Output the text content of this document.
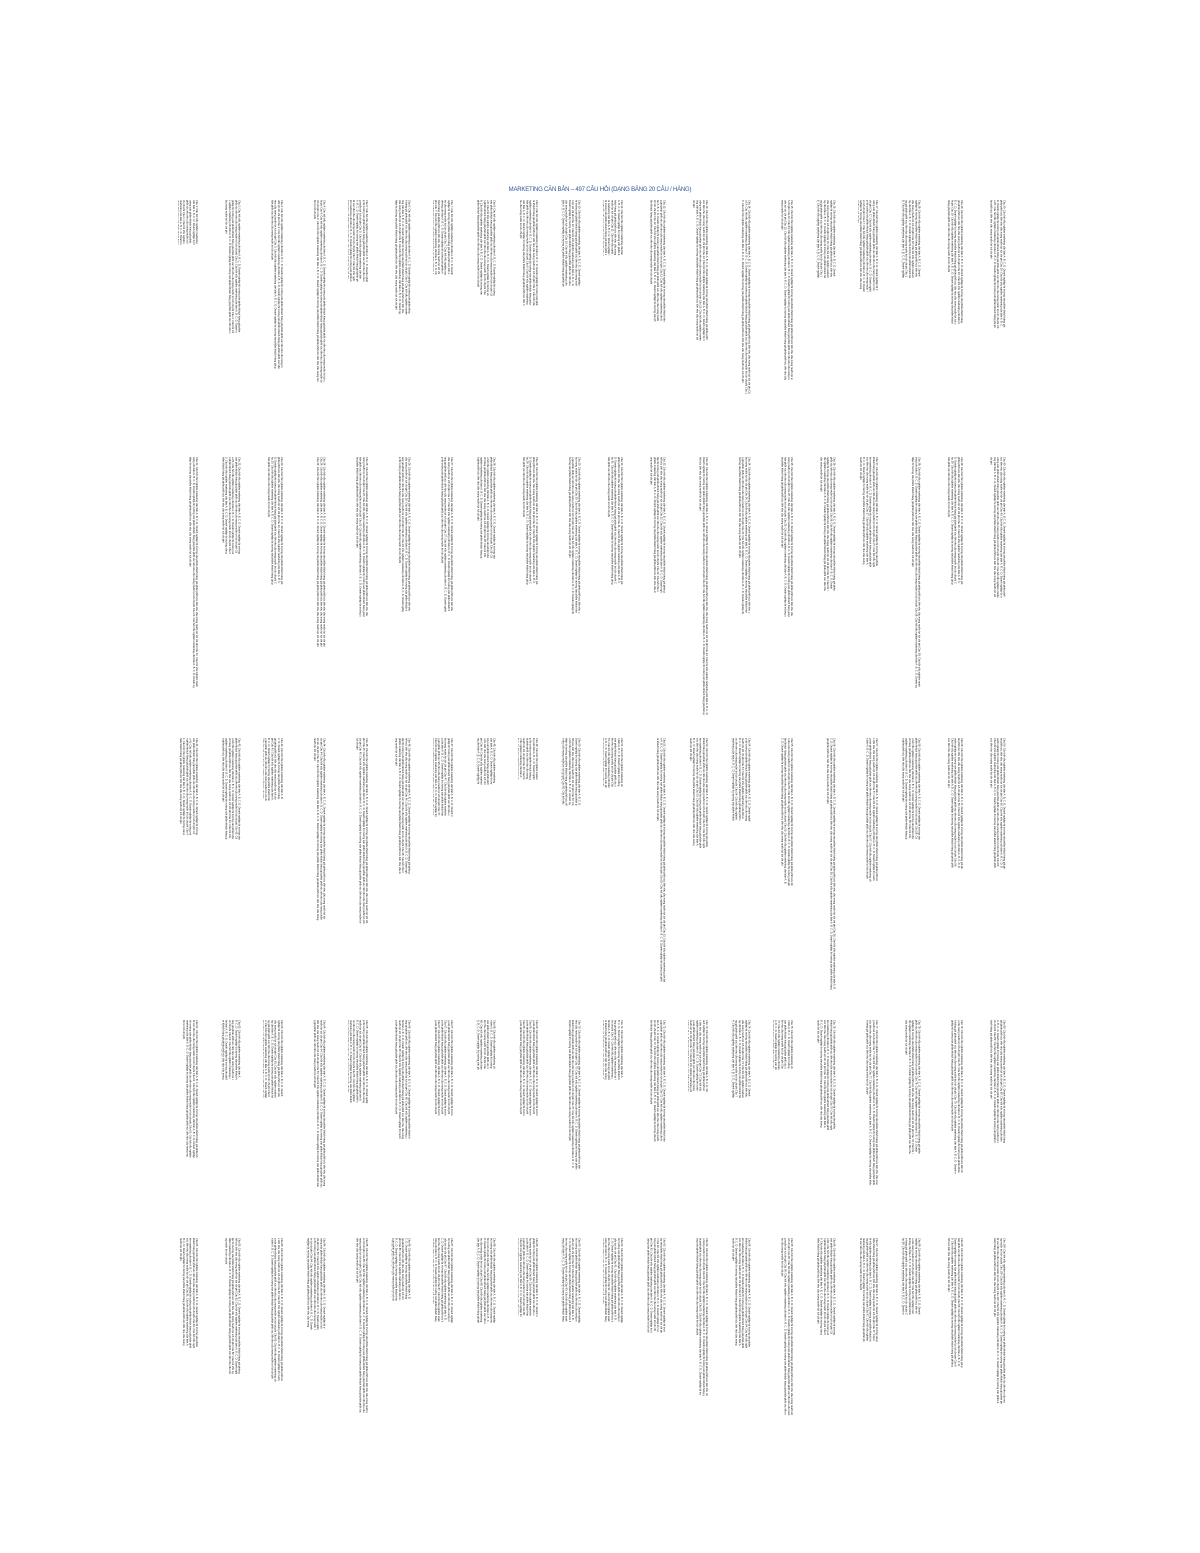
MARKETING CĂN BẢN – 497 CÂU HỎI (DẠNG BẢNG 20 CÂU / HÀNG)
Câu 1: Câu hỏi trắc nghiệm marketing căn bản A. B. C. D. Doanh nghiệp thị trường sản phẩm khách hàng giá phân phối xúc tiến nhu cầu mong muốn lợi ích chi phí Câu 1: Câu hỏi trắc nghiệm marketing căn bản A. B. C. D. Doanh n	Câu 2: Câu hỏi trắc nghiệm marketing căn bản A. B. C. D. Doanh nghiệp thị trường sản phẩm khách hàng giá phân phối xúc tiến nhu cầu mong muốn lợi ích chi phí Câu 2: Câu hỏi trắc nghiệm marketing căn bản A. B. C. D. Doanh nghiệp thị trường sản phẩm khách hàng giá phân phối xúc tiến nhu cầu mong muốn lợi ích chi phí Câu 2: Câu hỏi trắc nghiệm marketing căn bản A. B. C. D. Doanh nghiệp thị trường sản phẩm khách hàng giá phân phối xúc tiến nhu cầu mong muốn lợi ích chi phí	Câu 3: Câu hỏi trắc nghiệm marketing căn bản A. B. C. D. Doanh nghiệp thị trường sản phẩm khách hàng giá phân phối xúc tiến nhu cầu mong muốn lợi ích chi phí Câu 3: Câu hỏi trắc nghiệm marketing căn bản A. B. C. D. Doanh nghiệp thị trường sản phẩm khách hàng giá phân phối xúc tiến nhu cầu mong muốn lợi ích chi phí Câu 3: Câu hỏi trắc nghiệm marketing căn bản A. B. C. D. Doanh nghiệp thị trường sản phẩm khách hàng giá phân phối xúc tiến nhu cầu mong muốn lợi ích chi phí	Câu 4: Câu hỏi trắc nghiệm marketing căn bản A. B. C. D. Doanh nghiệp thị trường sản phẩm khách hàng giá phân phối xúc tiến nhu cầu mong muốn lợi ích chi phí Câu 4: Câu hỏi trắc nghiệm marketing căn bản A. B. C. D. Doanh nghiệp thị trường sản phẩm khách hàng giá phân phối xúc tiến nhu cầu mong muốn lợi ích chi phí Câu 4: Câu hỏi trắc nghiệm marketing căn bản A. B. C. D. Doanh nghiệp thị trường sản phẩm khách hàng giá phân phối xúc tiến nhu cầu mong muốn lợi ích chi phí	Câu 5: Câu hỏi trắc nghiệm marketing căn bản A. B. C. D. Doanh nghiệp thị trường sản phẩm khách hàng giá phân phối xúc tiến nhu cầu mong muốn lợi ích chi phí Câu 5: Câu hỏi trắc nghiệm marketing căn bản A. B. C. D. Doanh nghiệp thị trường sản phẩm khách hàng giá phân phối xúc tiến nhu cầu mong muốn lợi ích chi phí Câu 5: Câu hỏi trắc nghiệm marketing căn bản A. B. C. D. Doanh nghiệp thị trường sản phẩm k	Câu 6: Câu hỏi trắc nghiệm marketing căn bản A. B. C. D. Doanh nghiệp thị trường sản phẩm khách hàng giá phân phối xúc tiến nhu cầu mong muốn lợi ích chi phí Câu 6: Câu hỏi trắc nghiệm marketing căn bản A. B. C. D. Doanh nghiệp thị trường sản phẩm khách hàng giá phân phối xúc tiến nhu cầu mong muốn lợi ích chi phí Câu 6: Câu hỏi trắc nghiệm marketing căn bản A. B. C. D. Doanh nghiệp thị trường sản phẩm khách hàng giá phân phối xúc tiến nhu cầu mong muốn lợi ích chi phí	Câu 7: Câu hỏi trắc nghiệm marketing căn bản A. B. C. D. Doanh nghiệp thị trường sản phẩm khách hàng giá phân phối xúc tiến nhu cầu mong muốn lợi ích chi phí Câu 7: Câu hỏi trắc nghiệm marketing căn bản A. B. C. D. Doanh nghiệp thị trường sản phẩm khách hàng giá phân phối xúc tiến nhu cầu mong muốn lợi ích chi phí Câu 7: Câu hỏi trắc nghiệm marketing căn bản A. B. C. D. Do	Câu 8: Câu hỏi trắc nghiệm marketing căn bản A. B. C. D. Doanh nghiệp thị trường sản phẩm khách hàng giá phân phối xúc tiến nhu cầu mong muốn lợi ích chi phí Câu 8: Câu hỏi trắc nghiệm marketing căn bản A. B. C. D. Doanh nghiệp thị trường sản phẩm khách hàng giá phân phối xúc tiến nhu cầu mong muốn lợi ích chi phí Câu 8: Câu hỏi trắc nghiệm marketing căn bản A. B. C. D. Doanh nghiệp thị trường sản phẩm khách hàng giá phân phối xúc tiến nhu cầu mong muốn lợi ích chi phí	Câu 9: Câu hỏi trắc nghiệm marketing căn bản A. B. C. D. Doanh nghiệp thị trường sản phẩm khách hàng giá phân phối xúc tiến nhu cầu mong muốn lợi ích chi phí Câu 9: Câu hỏi trắc nghiệm marketing căn bản A. B. C. D. Doanh nghiệp thị trường sản phẩm khách hàng giá phân phối xúc tiến nhu cầu mong muốn lợi ích chi phí Câu 9: Câu hỏi trắc nghiệm marketing căn bản A. B. C. D. Doanh nghiệp thị trường sản phẩm khách hàng giá phân phối xúc tiến nhu cầu mong muốn lợi ích chi phí	Câu 10: Câu hỏi trắc nghiệm marketing căn bản A. B. C. D. Doanh nghiệp thị trường sản phẩm khách hàng giá phân phối xúc tiến nhu cầu mong muốn lợi ích chi phí Câu 10: Câu hỏi trắc nghiệm marketing căn bản A. B. C. D. Doanh nghiệp thị trường sản phẩm khách hàng giá phân phối xúc tiến nhu cầu mong muốn lợi ích chi phí Câu 10: Câu hỏi trắc nghiệm marketing căn bản A. B. C. D. Doanh nghiệp thị trường sản phẩm khách hàng giá phân ph
Câu 11: Câu hỏi trắc nghiệm marketing căn bản A. B. C. D. Doanh nghiệp thị trường sản phẩm khách hàng giá phân phối xúc tiến nhu cầu mong muốn lợi ích chi phí Câu 11: Câu hỏi trắc nghiệm marketing căn bản A. B. C. D. Doanh nghiệp thị trường sản phẩm khách hàng giá phân phối x	Câu 12: Câu hỏi trắc nghiệm marketing căn bản A. B. C. D. Doanh nghiệp thị trường sản phẩm khách hàng giá phân phối xúc tiến nhu cầu mong muốn lợi ích chi phí Câu 12: Câu hỏi trắc nghiệm marketing căn bản A. B. C. D. Doanh nghiệp thị trường sản phẩm khách hàng giá phân phối xúc tiến nhu cầu mong muốn lợi ích chi phí Câu 12: Câu hỏi trắc nghiệm marketing căn bản A. B. C. D. Doanh nghiệp thị trường sản phẩm khách hàng giá phân phối xúc tiến nhu cầu mong muốn lợi ích chi phí	Câu 13: Câu hỏi trắc nghiệm marketing căn bản A. B. C. D. Doanh nghiệp thị trường sản phẩm khách hàng giá phân phối xúc tiến nhu cầu mong muốn lợi ích chi phí Câu 13: Câu hỏi trắc nghiệm marketing căn bản A. B. C. D. Doanh nghiệp thị trường sản phẩm khách hàng giá phân phối xúc tiến nhu cầu mong muốn lợi ích chi phí Câu 13: Câu hỏi trắc nghiệm marketing căn bản A. B. C. D. Doanh nghiệp thị trường sản phẩm khách hàng giá phân phối xúc tiến nhu cầu mong muốn lợi ích chi phí	Câu 14: Câu hỏi trắc nghiệm marketing căn bản A. B. C. D. Doanh nghiệp thị trường sản phẩm khách hàng giá phân phối xúc tiến nhu cầu mong muốn lợi ích chi phí Câu 14: Câu hỏi trắc nghiệm marketing căn bản A. B. C. D. Doanh nghiệp thị trường sản phẩm khách hàng giá phân phối xúc tiến nhu cầu mong muốn lợi ích chi phí Câu 14: Câu hỏi trắc nghiệm marketing căn bản A. B. C. D. Doanh nghiệp thị trường sản phẩm khách hàng giá phân phối xúc tiến nhu cầu mong muốn lợi ích chi phí	Câu 15: Câu hỏi trắc nghiệm marketing căn bản A. B. C. D. Doanh nghiệp thị trường sản phẩm khách hàng giá phân phối xúc tiến nhu cầu mong muốn lợi ích chi phí Câu 15: Câu hỏi trắc nghiệm marketing căn bản A. B. C. D. Doanh nghiệp thị trường sản phẩm khách hàng giá phân phối xúc tiến nhu cầu mong muốn lợi ích chi phí Câu 15: Câu hỏi trắc nghiệm marketing căn bản A. B. C. D. Doanh nghiệp thị trường sản phẩm khách hàng giá phân phối xúc tiến nhu cầu mong muốn lợi ích chi phí	Câu 16: Câu hỏi trắc nghiệm marketing căn bản A. B. C. D. Doanh nghiệp thị trường sản phẩm khách hàng giá phân phối xúc tiến nhu cầu mong muốn lợi ích chi phí Câu 16: Câu hỏi trắc nghiệm marketing căn bản A. B. C. D. Doanh nghiệp thị trường sản phẩm khách hàng giá phân phối xúc tiến nhu cầu mong muốn lợi ích chi phí Câu 16: Câu hỏi trắc nghiệm marketing căn bản A. B. C. D. Doanh nghiệp
Câu 17: Câu hỏi trắc nghiệm marketing căn bản A. B. C. D. Doanh nghiệp thị trường sản phẩm khách hàng giá phân phối xúc tiến nhu cầu mong muốn lợi ích chi phí Câu 17: Câu hỏi trắc nghiệm marketing căn bản A. B. C. D. Doanh nghiệp thị trường sản phẩm khách hàng giá phân phối xúc tiến nhu cầu mong muốn lợi ích chi phí Câu 17: Câu hỏi trắc nghiệm marketing căn bản A. B. C. D. Doanh nghiệp thị trường sản phẩm khách hàng giá phân phối xúc tiến nhu cầu mong
Câu 18: Câu hỏi trắc nghiệm marketing căn bản A. B. C. D. Doanh nghiệp thị trường sản phẩm khách hàng giá phân phối xúc tiến nhu cầu mong muốn lợi ích chi phí Câu 18: Câu hỏi trắc nghiệm marketing căn bản A. B. C. D. Doanh nghiệp thị trường sản phẩm khách hàng giá phân phối xúc tiến nhu cầu mong muốn lợi ích chi phí Câu 18: Câu hỏi trắc nghiệm marketing căn bản A. B. C. D. Doanh nghiệp	Câu 19: Câu hỏi trắc nghiệm marketing căn bản A. B. C. D. Doanh nghiệp thị trường sản phẩm khách hàng giá phân phối xúc tiến nhu cầu mong muốn lợi ích chi phí Câu 19: Câu hỏi trắc nghiệm marketing căn bản A. B. C. D. Doanh nghiệp thị trường sản phẩm khách hàng giá phân phối xúc tiến nhu cầu mong muốn lợi ích chi phí Câu 19: Câu hỏi trắc nghiệm marketing căn bản A. B. C. D. Doanh nghiệp thị trường sản phẩm khách hàng giá phân phối xúc tiến nhu cầu mong muốn lợi ích chi phí	Câu 20: Câu hỏi trắc nghiệm marketing căn bản A. B. C. D. Doanh nghiệp thị trường sản phẩm khách hàng giá phân phối xúc tiến nhu cầu mong muốn lợi ích chi phí Câu 20: Câu hỏi trắc nghiệm marketing căn bản A. B. C. D. Doanh nghiệp thị trường sản phẩm khách hàng giá phân phối xúc tiến nhu cầu mong muốn lợi ích chi phí Câu 20: Câu hỏi trắc nghiệm marketing căn bản A. B. C. D. Doanh nghiệp thị trường sản phẩm khách hàng giá phân phối xúc tiến nhu cầu mong muốn lợi ích chi phí
Câu 21: Câu hỏi trắc nghiệm marketing căn bản A. B. C. D. Doanh nghiệp thị trường sản phẩm khách hàng giá phân phối xúc tiến nhu cầu mong muốn lợi ích chi phí Câu 21: Câu hỏi trắc nghiệm marketing căn bản A. B. C. D. Doanh nghiệp thị trường sản phẩm khách hàng giá phân phối xúc tiến nhu cầu mong muốn lợi ích chi phí Câu 21: Câu hỏi trắc nghiệm marketing căn bản A. B. C. D. Doanh nghiệp thị trường sản phẩm khách hàng giá phân phối xúc tiến nhu cầu mong muốn lợi ích chi phí	Câu 22: Câu hỏi trắc nghiệm marketing căn bản A. B. C. D. Doanh nghiệp thị trường sản phẩm khách hàng giá phân phối xúc tiến nhu cầu mong muốn lợi ích chi phí Câu 22: Câu hỏi trắc nghiệm marketing căn bản A. B. C. D. Doanh nghiệp thị trường sản phẩm khách hàng giá phân phối xúc tiến nhu cầu mong muốn lợi ích chi phí Câu 22: Câu hỏi trắc nghiệm marketing căn bản A. B. C. D. Doanh nghiệp thị trường sản phẩm khách hàng giá phân phối xúc tiến nhu cầu mong muốn lợi ích chi phí	Câu 23: Câu hỏi trắc nghiệm marketing căn bản A. B. C. D. Doanh nghiệp thị trường sản phẩm khách hàng giá phân phối xúc tiến nhu cầu mong muốn lợi ích chi phí Câu 23: Câu hỏi trắc nghiệm marketing căn bản A. B. C. D. Doanh nghiệp thị trường sản phẩm khách hàng giá phân phối xúc tiến nhu cầu mong muốn lợi ích chi phí Câu 23: Câu hỏi trắc nghiệm marketing căn bản A. B. C. D. Doanh nghiệp thị trường sản phẩm khách hàng giá phân phối xúc tiến nhu cầu mong muốn lợi ích chi phí	Câu 24: Câu hỏi trắc nghiệm marketing căn bản A. B. C. D. Doanh nghiệp thị trường sản phẩm khách hàng giá phân phối xúc tiến nhu cầu mong muốn lợi ích chi phí Câu 24: Câu hỏi trắc nghiệm marketing căn bản A. B. C. D. Doanh nghiệp thị trường sản phẩm khách hàng giá phân phối xúc tiến nhu cầu mong muốn lợi ích chi phí Câu 24: Câu hỏi trắc nghiệm marketing căn bản A. B. C. D. Doanh nghiệp thị trường sản phẩm khách hàng giá phân phối xúc tiến nhu cầu mong muốn lợi ích chi phí	Câu 25: Câu hỏi trắc nghiệm marketing căn bản A. B. C. D. Doanh nghiệp thị trường sản phẩm khách hàng giá phân phối xúc tiến nhu cầu mong muốn lợi ích chi phí Câu 25: Câu hỏi trắc nghiệm marketing căn bản A. B. C. D. Doanh nghiệp thị trường sản phẩm khách hàng giá phân phối xúc tiến nhu cầu mong muốn lợi ích chi phí Câu 25: Câu hỏi trắc nghiệm marketing căn bản A. B. C. D. Doanh nghiệp thị trường sản phẩm khách hàng giá phân phối xúc tiến nhu cầu mong muốn lợi ích chi phí	Câu 26: Câu hỏi trắc nghiệm marketing căn bản A. B. C. D. Doanh nghiệp thị trường sản phẩm khách hàng giá phân phối xúc tiến nhu cầu mong muốn lợi ích chi phí Câu 26: Câu hỏi trắc nghiệm marketing căn bản A. B. C. D. Doanh nghiệp thị trường sản phẩm khách hàng giá phân phối xúc tiến nhu cầu mong muốn lợi ích chi phí Câu 26: Câu hỏi trắc nghiệm marketing căn bản A. B. C. D. Doanh nghiệp thị trường sản phẩm khách hàng giá phân phối xúc tiến nhu cầu mong muốn lợi ích chi phí	Câu 27: Câu hỏi trắc nghiệm marketing căn bản A. B. C. D. Doanh nghiệp thị trường sản phẩm khách hàng giá phân phối xúc tiến nhu cầu mong muốn lợi ích chi phí Câu 27: Câu hỏi trắc nghiệm marketing căn bản A. B. C. D. Doanh nghiệp thị trường sản phẩm khách hàng giá phân phối xúc tiến nhu cầu mong muốn lợi ích chi phí Câu 27: Câu hỏi trắc nghiệm marketing căn bản A. B. C. D. Doanh nghiệp thị trường sản phẩm khách hàng giá phân phối xúc tiến nhu cầu mong muốn lợi ích chi phí	Câu 28: Câu hỏi trắc nghiệm marketing căn bản A. B. C. D. Doanh nghiệp thị trường sản phẩm khách hàng giá phân phối xúc tiến nhu cầu mong muốn lợi ích chi phí Câu 28: Câu hỏi trắc nghiệm marketing căn bản A. B. C. D. Doanh nghiệp thị trường sản phẩm khách hàng giá phân phối xúc tiến nhu cầu mong muốn lợi ích chi phí Câu 28: Câu hỏi trắc nghiệm marketing căn bản A. B. C. D. Doanh nghiệp thị trường sản phẩm khách hàng giá phân phối xúc tiến nhu cầu mong muốn lợi ích chi phí	Câu 29: Câu hỏi trắc nghiệm marketing căn bản A. B. C. D. Doanh nghiệp thị trường sản phẩm khách hàng giá phân phối xúc tiến nhu cầu mong muốn lợi ích chi phí Câu 29: Câu hỏi trắc nghiệm marketing căn bản A. B. C. D. Doanh nghiệp thị trường sản phẩm khách hàng giá phân phối xúc tiến nhu cầu mong muốn lợi ích chi phí Câu 29: Câu hỏi trắc nghiệm marketing căn bản A. B. C. D. Doanh nghiệp thị trường sản phẩm khách hàng giá phân phối xúc tiến nhu cầu mong muốn lợi ích chi phí	Câu 30: Câu hỏi trắc nghiệm marketing căn bản A. B. C. D. Doanh nghiệp thị trường sản phẩm khách hàng giá phân phối xúc tiến nhu cầu mong muốn lợi ích chi phí Câu 30: Câu hỏi trắc nghiệm marketing căn bản A. B. C. D. Doanh nghiệp thị trường sản phẩm khách hàng giá phân phối xúc tiến nhu cầu mong muốn lợi ích chi phí Câu 30: Câu hỏi trắc nghiệm marketing căn bản A. B. C. D. Doanh nghiệp thị trường sản phẩm khách hàng giá phân phối xúc tiến nhu cầu mong muốn lợi ích chi phí	Câu 31: Câu hỏi trắc nghiệm marketing căn bản A. B. C. D. Doanh nghiệp thị trường sản phẩm khách hàng giá phân phối xúc tiến nhu cầu mong muốn lợi ích chi phí Câu 31: Câu hỏi trắc nghiệm marketing căn bản A. B. C. D. Doanh nghiệp thị trường sản phẩm khách hàng giá phân phối xúc tiến nhu cầu mong muốn lợi ích chi phí Câu 31: Câu hỏi trắc nghiệm marketing căn bản A. B. C. D. Doanh nghiệp thị trường sản phẩm khách hàng giá phân phối xúc tiến nhu cầu mong muốn lợi ích chi phí	Câu 32: Câu hỏi trắc nghiệm marketing căn bản A. B. C. D. Doanh nghiệp thị trường sản phẩm khách hàng giá phân phối xúc tiến nhu cầu mong muốn lợi ích chi phí Câu 32: Câu hỏi trắc nghiệm marketing căn bản A. B. C. D. Doanh nghiệp thị trường sản phẩm khách hàng giá phân phối xúc tiến nhu cầu mong muốn lợi ích chi phí Câu 32: Câu hỏi trắc nghiệm marketing căn bản A. B. C. D. Doanh nghiệp thị trường sản phẩm khách hàng giá phân phối xúc tiến nhu cầu mong muốn lợi ích chi phí	Câu 33: Câu hỏi trắc nghiệm marketing căn bản A. B. C. D. Doanh nghiệp thị trường sản phẩm khách hàng giá phân phối xúc tiến nhu cầu mong muốn lợi ích chi phí Câu 33: Câu hỏi trắc nghiệm marketing căn bản A. B. C. D. Doanh nghiệp thị trường sản phẩm khách hàng giá phân phối xúc tiến nhu cầu mong muốn lợi ích chi phí Câu 33: Câu hỏi trắc nghiệm marketing căn bản A. B. C. D. Doanh nghiệp thị trường sản phẩm khách hàng giá phân phối xúc tiến nhu cầu mong muốn lợi ích chi phí	Câu 34: Câu hỏi trắc nghiệm marketing căn bản A. B. C. D. Doanh nghiệp thị trường sản phẩm khách hàng giá phân phối xúc tiến nhu cầu mong muốn lợi ích chi phí Câu 34: Câu hỏi trắc nghiệm marketing căn bản A. B. C. D. Doanh nghiệp thị trường sản phẩm khách hàng giá phân phối xúc tiến nhu cầu mong muốn lợi ích chi phí Câu 34: Câu hỏi trắc nghiệm marketing căn bản A. B. C. D. Doanh nghiệp thị trường sản phẩm khách hàng giá phân phối xúc tiến nhu cầu mong muốn lợi ích chi phí	Câu 35: Câu hỏi trắc nghiệm marketing căn bản A. B. C. D. Doanh nghiệp thị trường sản phẩm khách hàng giá phân phối xúc tiến nhu cầu mong muốn lợi ích chi phí Câu 35: Câu hỏi trắc nghiệm marketing căn bản A. B. C. D. Doanh nghiệp thị trường sản phẩm khách hàng giá phân phối xúc tiến nhu cầu mong muốn lợi ích chi phí Câu 35: Câu hỏi trắc nghiệm marketing căn bản A. B. C. D. Doanh nghiệp thị trường sản phẩm khách hàng giá phân phối xúc tiến nhu cầu mong muốn lợi ích chi phí	Câu 36: Câu hỏi trắc nghiệm marketing căn bản A. B. C. D. Doanh nghiệp thị trường sản phẩm khách hàng giá phân phối xúc tiến nhu cầu mong muốn lợi ích chi phí Câu 36: Câu hỏi trắc nghiệm marketing căn bản A. B. C. D. Doanh nghiệp thị trường sản phẩm khách hàng giá phân phối xúc tiến nhu cầu mong muốn lợi ích chi phí Câu 36: Câu hỏi trắc nghiệm marketing căn bản A. B. C. D. Doanh nghiệp thị trường sản phẩm khách hàng giá phân phối xúc tiến nhu cầu mong muốn lợi ích chi phí	Câu 37: Câu hỏi trắc nghiệm marketing căn bản A. B. C. D. Doanh nghiệp thị trường sản phẩm khách hàng giá phân phối xúc tiến nhu cầu mong muốn lợi ích chi phí Câu 37: Câu hỏi trắc nghiệm marketing căn bản A. B. C. D. Doanh nghiệp thị trường sản phẩm khách hàng giá phân phối xúc tiến nhu cầu mong muốn lợi ích chi phí Câu 37: Câu hỏi trắc nghiệm marketing căn bản A. B. C. D. Doanh nghiệp thị trường sản phẩm khách hàng giá phân phối xúc tiến nhu cầu mong muốn lợi ích chi phí	Câu 38: Câu hỏi trắc nghiệm marketing căn bản A. B. C. D. Doanh nghiệp thị trường sản phẩm khách hàng giá phân phối xúc tiến nhu cầu mong muốn lợi ích chi phí Câu 38: Câu hỏi trắc nghiệm marketing căn bản A. B. C. D. Doanh nghiệp thị trường sản phẩm khách hàng giá phân phối xúc tiến nhu cầu mong muốn lợi ích chi phí Câu 38: Câu hỏi trắc nghiệm marketing căn bản A. B. C. D. Doanh nghiệp thị trường sản phẩm khách hàng giá phân phối xúc tiến nhu cầu mong muốn lợi ích chi phí	Câu 39: Câu hỏi trắc nghiệm marketing căn bản A. B. C. D. Doanh nghiệp thị trường sản phẩm khách hàng giá phân phối xúc tiến nhu cầu mong muốn lợi ích chi phí Câu 39: Câu hỏi trắc nghiệm marketing căn bản A. B. C. D. Doanh nghiệp thị trường sản phẩm khách hàng giá phân phối xúc tiến nhu cầu mong muốn lợi ích chi phí Câu 39: Câu hỏi trắc nghiệm marketing căn bản A. B. C. D. Doanh nghiệp thị trường sản phẩm khách hàng giá phân phối xúc tiến nhu cầu mong muốn lợi ích chi phí	Câu 40: Câu hỏi trắc nghiệm marketing căn bản A. B. C. D. Doanh nghiệp thị trường sản phẩm khách hàng giá phân phối xúc tiến nhu cầu mong muốn lợi ích chi phí Câu 40: Câu hỏi trắc nghiệm marketing căn bản A. B. C. D. Doanh nghiệp thị trường sản phẩm khách hàng giá phân phối xúc tiến nhu cầu mong muốn lợi ích chi phí Câu 40: Câu hỏi trắc nghiệm marketing căn bản A. B. C. D. Doanh nghiệp thị trường sản phẩm khách hàng giá phân phối xúc tiến nhu cầu mong muốn lợi ích chi phí
Câu 41: Câu hỏi trắc nghiệm marketing căn bản A. B. C. D. Doanh nghiệp thị trường sản phẩm khách hàng giá phân phối xúc tiến nhu cầu mong muốn lợi ích chi phí Câu 41: Câu hỏi trắc nghiệm marketing căn bản A. B. C. D. Doanh nghiệp thị trường sản phẩm khách hàng giá phân phối xúc tiến nhu cầu mong muốn lợi ích chi phí Câu 41: Câu hỏi trắc nghiệm marketing căn bản A. B. C. D. Doanh nghiệp thị trường sản phẩm khách hàng giá phân phối xúc tiến nhu cầu mong muốn lợi ích chi phí	Câu 42: Câu hỏi trắc nghiệm marketing căn bản A. B. C. D. Doanh nghiệp thị trường sản phẩm khách hàng giá phân phối xúc tiến nhu cầu mong muốn lợi ích chi phí Câu 42: Câu hỏi trắc nghiệm marketing căn bản A. B. C. D. Doanh nghiệp thị trường sản phẩm khách hàng giá phân phối xúc tiến nhu cầu mong muốn lợi ích chi phí Câu 42: Câu hỏi trắc nghiệm marketing căn bản A. B. C. D. Doanh nghiệp thị trường sản phẩm khách hàng giá phân phối xúc tiến nhu cầu mong muốn lợi ích chi phí	Câu 43: Câu hỏi trắc nghiệm marketing căn bản A. B. C. D. Doanh nghiệp thị trường sản phẩm khách hàng giá phân phối xúc tiến nhu cầu mong muốn lợi ích chi phí Câu 43: Câu hỏi trắc nghiệm marketing căn bản A. B. C. D. Doanh nghiệp thị trường sản phẩm khách hàng giá phân phối xúc tiến nhu cầu mong muốn lợi ích ch	Câu 44: Câu hỏi trắc nghiệm marketing căn bản A. B. C. D. Doanh nghiệp thị trường sản phẩm khách hàng giá phân phối xúc tiến nhu cầu mong muốn lợi ích chi phí Câu 44: Câu hỏi trắc nghiệm marketing căn bản A. B. C. D. Doanh nghiệp thị trường sản phẩm khách hàng giá phân phối xúc tiến nhu cầu mong muốn lợi ích chi phí Câu 44: Câu hỏi trắc nghiệm marketing căn bản A. B. C. D. Doanh nghiệp thị trường sản phẩm khách hàng giá phân phối xúc tiến nhu cầu mong muốn lợi ích chi phí	Câu 45: Câu hỏi trắc nghiệm marketing căn bản A. B. C. D. Doanh nghiệp thị trường sản phẩm khách hàng giá phân phối xúc tiến nhu cầu mong muốn lợi ích chi phí Câu 45: Câu hỏi trắc nghiệm marketing căn bản A. B. C. D. Doanh nghiệp thị trường sản phẩm khách hàng giá phân phối xúc tiến nhu cầu mong muốn lợi ích chi phí Câu 45: Câu hỏi trắc nghiệm marketing căn bản A. B. C. D. Doanh nghiệp thị trường sản phẩm khách hàng giá phân phối xúc tiến nhu cầu mong muốn lợi ích chi phí	Câu 46: Câu hỏi trắc nghiệm marketing căn bản A. B. C. D. Doanh nghiệp thị trường sản phẩm khách hàng giá phân phối xúc tiến nhu cầu mong muốn lợi ích chi phí Câu 46: Câu hỏi trắc nghiệm marketing căn bản A. B. C. D. Doanh nghiệp thị trường sản phẩm khách hàng giá phân phối xúc tiến nhu cầu mong muốn lợi ích chi phí Câu 46: Câu hỏi trắc nghiệm marketing căn bản A. B. C. D. Doanh nghiệp thị trường sản phẩm khách hàng giá phân phối xúc tiến nhu cầu mong muốn lợi ích chi phí	Câu 47: Câu hỏi trắc nghiệm marketing căn bản A. B. C. D. Doanh nghiệp thị trường sản phẩm khách hàng giá phân phối xúc tiến nhu cầu mong muốn lợi ích chi phí Câu 47: Câu hỏi trắc nghiệm marketing căn bản A. B. C. D. Doanh nghiệp thị trường sản phẩm khách hàng giá phân phối xúc tiến nhu cầu mong muốn lợi ích chi phí Câu 47: Câu hỏi trắc nghiệm marketing căn bản A. B. C. D. Doanh nghiệp thị
Câu 48: Câu hỏi trắc nghiệm marketing căn bản A. B. C. D. Doanh nghiệp thị trường sản phẩm khách hàng giá phân phối xúc tiến nhu cầu mong muốn lợi ích chi phí Câu 48: Câu hỏi trắc nghiệm marketing căn bản A. B. C. D. Doanh nghiệp thị
Câu 49: Câu hỏi trắc nghiệm marketing căn bản A. B. C. D. Doanh nghiệp thị trường sản phẩm khách hàng giá phân phối xúc tiến nhu cầu mong muốn lợi ích chi phí Câu 49: Câu hỏi trắc nghiệm marketing căn bản A.
Câu 50: Câu hỏi trắc nghiệm marketing căn bản A. B. C. D. Doanh nghiệp thị trường sản phẩm khách hàng giá phân phối xúc tiến nhu cầu mong muốn lợi ích chi phí Câu 50: Câu hỏi trắc nghiệm marketing căn bản A. B. C. D. Doanh nghiệp thị trường sản phẩm khách hàng giá phân phối xúc tiến nhu cầu mong muốn lợi ích chi phí Câu 50: Câu hỏi trắc
Câu 51: Câu hỏi trắc nghiệm marketing căn bản A. B. C. D. Doanh nghiệp thị trường sản phẩm khách hàng giá phân phối xúc tiến nhu cầu mong muốn lợi ích chi phí Câu 51: Câu hỏi trắc nghiệm marketing căn bản A. B. C. D. Doanh nghiệp thị trường sản ph	Câu 52: Câu hỏi trắc nghiệm marketing căn bản A. B. C. D. Doanh nghiệp thị trường sản phẩm khách hàng giá phân phối xúc tiến nhu cầu mong muốn lợi ích chi phí Câu 52: Câu hỏi trắc nghiệm marketing căn bản A. B. C. D. Doanh nghiệp thị trường sản phẩm khách hàng giá phân phối xúc tiến nhu cầu mong muốn lợi ích chi phí Câu 52: Câu hỏi trắc nghiệm marketing căn bản A. B. C. D. Doanh nghiệp thị trường sản phẩm khách hàng giá phân phối xúc tiến nhu cầu mong muốn lợi ích chi phí	Câu 53: Câu hỏi trắc nghiệm marketing căn bản A. B. C. D. Doanh nghiệp thị trường sản phẩm khách hàng giá phân phối xúc tiến nhu cầu mong muốn lợi ích chi phí Câu 53: Câu hỏi trắc nghiệm marketing căn bản A. B. C. D. Doanh nghiệp thị trường sản phẩm khách hàng giá phân phối xúc tiến nhu cầu mong muốn lợi ích chi phí Câu 53: Câu hỏi trắc nghiệm marketing căn bản A. B. C. D. Doanh nghiệp thị trường sản phẩm khách hàng giá phân phối xúc tiến nhu cầu mong muốn lợi ích chi phí	Câu 54: Câu hỏi trắc nghiệm marketing căn bản A. B. C. D. Doanh nghiệp thị trường sản phẩm khách hàng giá phân phối xúc tiến nhu cầu mong muốn lợi ích chi phí Câu 54: Câu hỏi trắc nghiệm marketing căn bản A. B. C. D. Doanh nghiệp thị trường sản phẩm khách hàng giá phân phối xúc tiến nhu cầu mong muốn lợi ích chi phí Câu 54: Câu hỏi trắc nghiệm marketing căn bản A. B. C. D. Doanh nghiệp thị trường sản phẩm khách	Câu 55: Câu hỏi trắc nghiệm marketing căn bản A. B. C. D. Doanh nghiệp thị trường sản phẩm khách hàng giá phân phối xúc tiến nhu cầu mong muốn lợi ích chi phí Câu 55: Câu hỏi trắc nghiệm marketing căn bản A. B. C. D. Doanh nghiệp thị trường sản phẩm khách hàng giá phân phối xúc tiến nhu cầu mong muốn lợi ích chi phí Câu 55: Câu hỏi trắc nghiệm marketing căn bản A. B. C. D. Doanh nghiệp thị trường sản phẩm khách hàng giá phân phối xúc tiến nhu cầu mong muốn lợi ích chi phí	Câu 56: Câu hỏi trắc nghiệm marketing căn bản A. B. C. D. Doanh nghiệp thị trường sản phẩm khách hàng giá phân phối xúc tiến nhu cầu mong muốn lợi ích chi phí Câu 56: Câu hỏi trắc nghiệm marketing căn bản A. B. C. D. Doanh nghiệp thị trường sản phẩm khách hàng giá phân phối xúc tiến nhu cầu mong muốn lợi ích chi phí Câu 56: Câu hỏi trắc nghiệm marketing căn bản A. B. C. D. Doanh nghiệp thị trường sản phẩm khách hàng giá phân phối xúc tiến nhu cầu mong muốn lợi ích chi phí	Câu 57: Câu hỏi trắc nghiệm marketing căn bản A. B. C. D. Doanh nghiệp thị trường sản phẩm khách hàng giá phân phối xúc tiến nhu cầu mong muốn lợi ích chi phí Câu 57: Câu hỏi trắc nghiệm marketing căn bản A. B. C. D. Doanh nghiệp thị trường sản phẩm khách hàng giá phân phối xúc tiến nhu cầu mong muốn lợi ích chi phí Câu 57: Câu hỏi trắc nghiệm marketing căn bản A. B. C. D. Doanh nghiệp thị trường sản phẩm khách hàng giá phân phối xúc tiến nhu cầu mong muốn lợi ích chi phí	Câu 58: Câu hỏi trắc nghiệm marketing căn bản A. B. C. D. Doanh nghiệp thị trường sản phẩm khách hàng giá phân phối xúc tiến nhu cầu mong muốn lợi ích chi phí Câu 58: Câu hỏi trắc nghiệm marketing căn bản A. B. C. D. Doanh nghiệp thị trường sản phẩm khách hàng giá phân phối xúc tiến nhu cầu mong muốn lợi ích chi phí Câu 58: Câu hỏi trắc nghiệm marketing căn bản A. B. C. D. Doanh nghiệp thị trường sản phẩm khách hàng giá phân phối xúc tiến nhu cầu mong muốn lợi ích chi phí	Câu 59: Câu hỏi trắc nghiệm marketing căn bản A. B. C. D. Doanh nghiệp thị trường sản phẩm khách hàng giá phân phối xúc tiến nhu cầu mong muốn lợi ích chi phí Câu 59: Câu hỏi trắc nghiệm marketing căn bản A. B. C. D. Doanh nghiệp thị trường sản phẩm khách hàng giá phân phối xúc tiến nhu cầu mong muốn lợi ích chi phí Câu 59: Câu hỏi trắc nghiệm marketing căn bản A. B. C. D. Doanh nghiệp thị trường sản phẩm khách hàng giá phân phối xúc tiến nhu cầu mong muốn lợi ích chi phí	Câu 60: Câu hỏi trắc nghiệm marketing căn bản A. B. C. D. Doanh nghiệp thị trường sản phẩm khách hàng giá phân phối xúc tiến nhu cầu mong muốn lợi ích chi phí Câu 60: Câu hỏi trắc nghiệm marketing căn bản A. B. C. D. Doanh nghiệp thị trường sản phẩm khách hàng giá phân phối xúc tiến nhu cầu mong muốn lợi ích chi phí Câu 60: Câu hỏi trắc nghiệm marketing căn bản A. B. C. D. Doanh nghiệp thị trường sản phẩm khách hàng giá phân phối xúc tiến nhu cầu mong muốn lợi ích chi phí
Câu 61: Câu hỏi trắc nghiệm marketing căn bản A. B. C. D. Doanh nghiệp thị trường sản phẩm khách hàng giá phân phối xúc tiến nhu cầu mong muốn lợi ích chi phí Câu 61: Câu hỏi trắc nghiệm marketing căn bản A. B. C. D. Doanh nghiệp thị trường sản phẩm khách hàng giá phân phối xúc tiến nhu cầu mong muốn lợi ích chi phí Câu 61: Câu hỏi trắc nghiệm marketing căn bản A. B. C. D. Doanh nghiệp thị trường sản phẩm khách hàng giá phân phối xúc tiến nhu cầu mong muốn lợi ích chi phí	Câu 62: Câu hỏi trắc nghiệm marketing căn bản A. B. C. D. Doanh nghiệp thị trường sản phẩm khách hàng giá phân phối xúc tiến nhu cầu mong muốn lợi ích chi phí Câu 62: Câu hỏi trắc nghiệm marketing căn bản A. B. C. D. Doanh nghiệp thị trường sản phẩm khách hàng giá phân phối xúc tiến nhu cầu mong
Câu 63: Câu hỏi trắc nghiệm marketing căn bản A. B. C. D. Doanh nghiệp thị trường sản phẩm khách hàng giá phân phối xúc tiến nhu cầu mong muốn lợi ích chi phí Câu 63: Câu hỏi trắc nghiệm marketing căn bản A. B. C. D. Doanh nghiệp thị trường sản phẩm khách hàng giá phân phối xúc tiến nhu cầu mong muốn lợi ích chi phí Câu 63: Câu hỏi trắc nghiệm marketing căn bản A. B. C. D. Doanh nghiệp	Câu 64: Câu hỏi trắc nghiệm marketing căn bản A. B. C. D. Doanh nghiệp thị trường sản phẩm khách hàng giá phân phối xúc tiến nhu cầu mong muốn lợi ích chi phí Câu 64: Câu hỏi trắc nghiệm marketing căn bản A. B. C. D. Doanh nghiệp thị trường sản phẩm khách hàng giá phân phối xúc tiến nhu cầu mong muốn lợi ích chi phí Câu 64: Câu hỏi trắc nghiệm marketing căn bản A. B. C. D. Doanh nghiệp thị trường sản phẩm khách hàng giá phân phối xúc tiến nhu cầu mong muốn lợi ích chi phí	Câu 65: Câu hỏi trắc nghiệm marketing căn bản A. B. C. D. Doanh nghiệp thị trường sản phẩm khách hàng giá phân phối xúc tiến nhu cầu mong muốn lợi ích chi phí Câu 65: Câu hỏi trắc nghiệm marketing căn bản A. B. C. D. Doanh nghiệp thị trường sản phẩm khách hàng giá phân phối xúc tiến nhu cầu mong muốn lợi ích chi phí Câu 65: Câu hỏi trắc nghiệm marketing căn bản A. B. C. D. Doanh nghiệp thị trường sản phẩm khách	Câu 66: Câu hỏi trắc nghiệm marketing căn bản A. B. C. D. Doanh nghiệp thị trường sản phẩm khách hàng giá phân phối xúc tiến nhu cầu mong muốn lợi ích chi phí Câu 66: Câu hỏi trắc nghiệm marketing căn bản A. B. C. D. Doanh nghiệp thị trường sản phẩm khách hàng giá phân phối xúc tiến nhu cầu mong muốn lợi ích chi phí Câu 66: Câu hỏi trắc nghiệm marketing căn bản A. B. C. D. Doanh nghiệp thị trường sản phẩm khách hàng giá phân phối xúc tiến nhu cầu mong muốn lợi ích chi phí	Câu 67: Câu hỏi trắc nghiệm marketing căn bản A. B. C. D. Doanh nghiệp thị trường sản phẩm khách hàng giá phân phối xúc tiến nhu cầu mong muốn lợi ích chi phí Câu 67: Câu hỏi trắc nghiệm marketing căn bản A. B. C. D. Doanh nghiệp thị trường sản phẩm khách hàng giá phân phối xúc tiến nhu cầu mong muốn lợi ích chi phí Câu 67: Câu hỏi trắc nghiệm marketing căn bản A. B. C. D. Doanh nghiệp thị trường sản phẩm khách hàng giá phân phối xúc tiến nhu cầu mong muốn lợi ích chi phí	Câu 68: Câu hỏi trắc nghiệm marketing căn bản A. B. C. D. Doanh nghiệp thị trường sản phẩm khách hàng giá phân phối xúc tiến nhu cầu mong muốn lợi ích chi phí Câu 68: Câu hỏi trắc nghiệm marketing căn bản A. B. C. D. Doanh nghiệp thị trường sản ph	Câu 69: Câu hỏi trắc nghiệm marketing căn bản A. B. C. D. Doanh nghiệp thị trường sản phẩm khách hàng giá phân phối xúc tiến nhu cầu mong muốn lợi ích chi phí Câu 69: Câu hỏi trắc nghiệm marketing căn bản A. B. C. D. Doanh nghiệp thị trường sản phẩm khách hàng giá phân phối xúc tiến nhu cầu mong muốn lợi ích chi phí Câu 69: Câu hỏi trắc nghiệm marketing căn bản A. B. C. D. Doanh nghiệp thị trường sản phẩm khách hàng giá phân phối xúc tiến nhu cầu mong muốn lợi ích chi phí	Câu 70: Câu hỏi trắc nghiệm marketing căn bản A. B. C. D. Doanh nghiệp thị trường sản phẩm khách hàng giá phân phối xúc tiến nhu cầu mong muốn lợi ích chi phí Câu 70: Câu hỏi trắc nghiệm marketing căn bản A. B. C. D. Doanh nghiệp thị trường sản phẩm khách hàng giá phân phối xúc tiến nhu cầu mong muốn lợi ích chi phí Câu 70: Câu hỏi trắc nghiệm marketing căn bản A. B. C. D. Doanh nghiệp thị trường sản phẩm khách hàng giá phân phối xúc tiến nhu cầu mong muốn lợi ích chi phí	Câu 71: Câu hỏi trắc nghiệm marketing căn bản A. B. C. D. Doanh nghiệp thị trường sản phẩm khách hàng giá phân phối xúc tiến nhu cầu mong muốn lợi ích chi phí Câu 71: Câu hỏi trắc nghiệm marketing căn bản A. B. C. D. Doanh nghiệp thị trường sản phẩm khách hàng giá phân phối xúc tiến nhu cầu mong	Câu 72: Câu hỏi trắc nghiệm marketing căn bản A. B. C. D. Doanh nghiệp thị trường sản phẩm khách hàng giá phân phối xúc tiến nhu cầu mong muốn lợi ích chi phí Câu 72: Câu hỏi trắc nghiệm marketing căn bản A. B. C. D. Doanh nghiệp thị trường sản phẩm khách hàng giá phân phối xúc tiến nhu cầu mong muốn lợi ích chi phí Câu 72: Câu hỏi trắc nghiệm marketing căn bản A. B. C. D. Doanh nghiệp thị trường sản phẩm khách hàng giá phân phối xúc tiến nhu cầu mong muốn lợi ích chi phí	Câu 73: Câu hỏi trắc nghiệm marketing căn bản A. B. C. D. Doanh nghiệp thị trường sản phẩm khách hàng giá phân phối xúc tiến nhu cầu mong muốn lợi ích chi phí Câu 73: Câu hỏi trắc nghiệm marketing căn bản A. B. C. D. Doanh nghiệp thị trường sản phẩm khách hàng giá phân phối xúc tiến nhu cầu mong muốn lợi ích chi phí Câu 73: Câu hỏi trắc nghiệm marketing că
Câu 74: Câu hỏi trắc nghiệm marketing căn bản A. B. C. D. Doanh nghiệp thị trường sản phẩm khách hàng giá phân phối xúc tiến nhu cầu mong muốn lợi ích chi phí Câu 74: Câu hỏi trắc nghiệm marketing căn bản A. B. C. D. Doanh nghiệp thị trường sản phẩm khách hàng giá phân phối xúc tiến nhu cầu mong muốn lợi ích chi phí Câu 74: Câu hỏi trắc nghiệm marketing căn bản A. B. C. D. Doanh nghiệp
Câu 75: Câu hỏi trắc nghiệm marketing căn bản A. B. C. D. Doanh nghiệp thị trường sản phẩm khách hàng giá phân phối xúc tiến nhu cầu mong muốn lợi ích chi phí Câu 75: Câu hỏi trắc nghiệm marketing căn bản A. B. C. D. Doanh nghiệp thị trường sản ph	Câu 76: Câu hỏi trắc nghiệm marketing căn bản A. B. C. D. Doanh nghiệp thị trường sản phẩm khách hàng giá phân phối xúc tiến nhu cầu mong muốn lợi ích chi phí Câu 76: Câu hỏi trắc nghiệm marketing căn bản A. B. C. D. Doanh nghiệp thị trường sản phẩm khách hàng giá phân phối xúc tiến nhu cầu mong muốn lợi ích chi phí Câu 76: Câu hỏi trắc nghiệm marketing căn bản A. B. C. D. Doanh nghiệp thị trường sản phẩm khách hàng giá phân phối xúc tiến nhu cầu mong muốn lợi ích chi phí	Câu 77: Câu hỏi trắc nghiệm marketing căn bản A. B. C. D. Doanh nghiệp thị trường sản phẩm khách hàng giá phân phối xúc tiến nhu cầu mong muốn lợi ích chi phí Câu 77: Câu hỏi trắc nghiệm marketing căn bản A. B. C. D. Doanh nghiệp thị trường sản phẩm khách hàng giá phân phối xúc tiến nhu cầu mong muốn lợi ích chi phí Câu 77: Câu hỏi trắc nghiệm marketing căn bản A. B. C. D. Doanh nghiệp thị trường sản phẩm khách hàng giá phân phối xúc tiến nhu cầu mong muốn lợi ích chi phí	Câu 78: Câu hỏi trắc nghiệm marketing căn bản A. B. C. D. Doanh nghiệp thị trường sản phẩm khách hàng giá phân phối xúc tiến nhu cầu mong muốn lợi ích chi phí Câu 78: Câu hỏi trắc nghiệm marketing căn bản A. B. C. D. Doanh nghiệp thị trường sản phẩm khách hàng giá phân phối xúc tiến nhu cầu mong muốn lợi ích chi phí Câu 78: Câu hỏi trắc nghiệm marketing căn bản A. B. C. D. Doanh nghiệp thị trường sản phẩm khách hàng giá phân phối xúc tiến nhu cầu mong muốn lợi ích chi phí	Câu 79: Câu hỏi trắc nghiệm marketing căn bản A. B. C. D. Doanh nghiệp thị trường sản phẩm khách hàng giá phân phối xúc tiến nhu cầu mong muốn lợi ích chi phí Câu 79: Câu hỏi trắc nghiệm marketing căn bản A. B. C. D. Doanh nghiệp thị trường sản phẩm khách hàng giá phân phối xúc tiến nhu cầu mong muốn lợi ích chi phí Câu 79: Câu hỏi trắc nghiệm marketing căn bản A. B. C. D. Doanh nghiệp thị trường sản phẩm khách hàng giá phân phối xúc tiến nhu cầu mong muốn lợi ích chi phí	Câu 80: Câu hỏi trắc nghiệm marketing căn bản A. B. C. D. Doanh nghiệp thị trường sản phẩm khách hàng giá phân phối xúc tiến nhu cầu mong muốn lợi ích chi phí Câu 80: Câu hỏi trắc nghiệm marketing căn bản A. B. C. D. Doanh nghiệp thị trường sản phẩm khách hàng giá phân phối xúc tiến nhu cầu mong muốn lợi ích chi phí Câu 80: Câu hỏi trắc nghiệm marketing căn bản A. B. C. D. Doanh nghiệp thị trường sản phẩm khách hàng giá phân phối xúc tiến nhu cầu mong muốn lợi ích chi phí
Câu 81: Câu hỏi trắc nghiệm marketing căn bản A. B. C. D. Doanh nghiệp thị trường sản phẩm khách hàng giá phân phối xúc tiến nhu cầu mong muốn lợi ích chi phí Câu 81: Câu hỏi trắc nghiệm marketing căn bản A. B. C. D. Doanh nghiệp thị trường sản phẩm khách hàng giá phân phối xúc tiến nhu cầu mong muốn lợi ích chi phí Câu 81: Câu hỏi trắc nghiệm marketing căn bản A. B. C. D. Doanh nghiệp thị trường sản phẩm khách hàng giá phân phối xúc tiến nhu cầu mong muốn lợi ích chi phí	Câu 82: Câu hỏi trắc nghiệm marketing căn bản A. B. C. D. Doanh nghiệp thị trường sản phẩm khách hàng giá phân phối xúc tiến nhu cầu mong muốn lợi ích chi phí Câu 82: Câu hỏi trắc nghiệm marketing căn bản A. B. C. D. Doanh nghiệp thị trường sản phẩm khách hàng giá phân phối xúc tiến nhu cầu mong muốn lợi ích chi phí Câu 82: Câu hỏi trắc nghiệm marketing căn bản A. B. C. D. Doanh nghiệp thị trường sản phẩm khách hàng giá phân phối xúc tiến nhu cầu mong muốn lợi ích chi phí	Câu 83: Câu hỏi trắc nghiệm marketing căn bản A. B. C. D. Doanh nghiệp thị trường sản phẩm khách hàng giá phân phối xúc tiến nhu cầu mong muốn lợi ích chi phí Câu 83: Câu hỏi trắc nghiệm marketing căn bản A. B. C. D. Doanh nghiệp thị trường sản phẩm khách hàng giá phân phối xúc tiến nhu cầu mong muốn lợi ích chi phí Câu 83: Câu hỏi trắc nghiệm marketing căn bản A. B. C. D. Doanh nghiệp thị trường sản phẩm khách hàng giá phân phối xúc tiến nhu cầu mong muốn lợi ích chi phí	Câu 84: Câu hỏi trắc nghiệm marketing căn bản A. B. C. D. Doanh nghiệp thị trường sản phẩm khách hàng giá phân phối xúc tiến nhu cầu mong muốn lợi ích chi phí Câu 84: Câu hỏi trắc nghiệm marketing căn bản A. B. C. D. Doanh nghiệp thị trường sản phẩm khách hàng giá phân phối xúc tiến nhu cầu mong muốn lợi ích chi phí Câu 84: Câu hỏi trắc nghiệm marketing căn bản A. B. C. D. Doanh nghiệp thị trường sản phẩm khách hàng giá phân phối xúc tiến nhu cầu mong	Câu 85: Câu hỏi trắc nghiệm marketing căn bản A. B. C. D. Doanh nghiệp thị trường sản phẩm khách hàng giá phân phối xúc tiến nhu cầu mong muốn lợi ích chi phí Câu 85: Câu hỏi trắc nghiệm marketing căn bản A. B. C. D. Doanh nghiệp thị trường sản phẩm khách hàng giá phân phối xúc tiến nhu cầu mong muốn lợi ích chi phí Câu 85: Câu hỏi trắc nghiệm marketing căn bản A. B. C. D. Doanh nghiệp thị trường sản phẩm khách hàng giá phân phối xúc tiến nhu cầu mong muốn lợi ích chi phí	Câu 86: Câu hỏi trắc nghiệm marketing căn bản A. B. C. D. Doanh nghiệp thị trường sản phẩm khách hàng giá phân phối xúc tiến nhu cầu mong muốn lợi ích chi phí Câu 86: Câu hỏi trắc nghiệm marketing căn bản A. B. C. D. Doanh nghiệp thị trường sản phẩm khách hàng giá phân phối xúc tiến nhu cầu mong muốn lợi ích ch
Câu 87: Câu hỏi trắc nghiệm marketing căn bản A. B. C. D. Doanh nghiệp thị trường sản phẩm khách hàng giá phân phối xúc tiến nhu cầu mong muốn lợi ích chi phí Câu 87: Câu hỏi trắc nghiệm marketing căn bản A. B. C. D. Doanh nghiệp thị trường sản phẩm khách hàng giá phân phối xúc tiến nhu cầu mong muốn lợi ích chi phí Câu 87: Câu hỏi trắc nghiệm marketing căn bản A. B. C. D. Doanh nghiệp thị trường sản phẩm khách hàng
Câu 88: Câu hỏi trắc nghiệm marketing căn bản A. B. C. D. Doanh nghiệp thị trường sản phẩm khách hàng giá phân phối xúc tiến nhu cầu mong muốn lợi ích chi phí Câu 88: Câu hỏi trắc nghiệm marketing căn bản A. B. C. D. Doanh nghiệp thị trường sản phẩm khách hàng giá phân phối xúc tiến nhu cầu mong muốn lợi ích chi phí Câu 88: Câu hỏi trắc nghiệm marketing căn bản A. B. C. D. Doanh nghiệp thị trường sản phẩm khách hàng giá ph
Câu 89: Câu hỏi trắc nghiệm marketing căn bản A. B. C. D. Doanh nghiệp thị trường sản phẩm khách hàng giá phân phối xúc tiến nhu cầu mong muốn lợi ích chi phí Câu 89: Câu hỏi trắc nghiệm marketing căn bản A. B. C. D. Doanh nghiệp thị trường sản phẩm khách hàng giá phân phối xúc tiến nhu cầu mong muốn lợi ích chi phí Câu 89: Câu hỏi trắc nghiệm marketing căn bản A. B. C. D. Doanh nghiệp thị
Câu 90: Câu hỏi trắc nghiệm marketing căn bản A. B. C. D. Doanh nghiệp thị trường sản phẩm khách hàng giá phân phối xúc tiến nhu cầu mong muốn lợi ích chi phí Câu 90: Câu hỏi trắc nghiệm marketing căn bản A. B. C. D. Doanh nghiệp thị trường sản phẩm khách hàng giá phân phối xúc tiến nhu cầu mong muốn lợi ích chi phí Câu 90: Câu hỏi trắc nghiệm marketing căn bản A. B. C. D. Doanh nghiệp thị trường sản phẩm khách hàng
Câu 91: Câu hỏi trắc nghiệm marketing căn bản A. B. C. D. Doanh nghiệp thị trường sản phẩm khách hàng giá phân phối xúc tiến nhu cầu mong muốn lợi ích chi phí Câu 91: Câu hỏi trắc nghiệm marketing căn bản A. B. C. D. Doanh nghiệp thị trường sản phẩm khách hàng giá phân phối xúc tiến nhu cầu mong muốn lợi ích chi phí Câu 91: Câu hỏi trắc nghiệm marketing căn bản A. B. C. D. Doanh nghiệp thị trường sản phẩm khách hàng
Câu 92: Câu hỏi trắc nghiệm marketing căn bản A. B. C. D. Doanh nghiệp thị trường sản phẩm khách hàng giá phân phối xúc tiến nhu cầu mong muốn lợi ích chi phí Câu 92: Câu hỏi trắc nghiệm marketing căn bản A. B. C. D. Doanh nghiệp thị trường sản phẩm khách hàng giá phân phối xúc tiến nhu cầu mong muốn lợi ích chi phí Câu 92: Câu hỏi trắc nghiệm marketing căn bản A. B. C. D. Doanh nghiệp thị trường sản phẩm khách hàng giá phân phối xúc tiến nhu cầu mong muốn lợi ích chi	Câu 93: Câu hỏi trắc nghiệm marketing căn bản A. B. C. D. Doanh nghiệp thị trường sản phẩm khách hàng giá phân phối xúc tiến nhu cầu mong muốn lợi ích chi phí Câu 93: Câu hỏi trắc nghiệm marketing căn bản A. B. C. D. Doanh nghiệp thị trường sản phẩm khách hàng giá phân phối xúc tiến nhu cầu mong muốn lợi ích chi phí Câu 93: Câu hỏi trắc nghiệm marketing căn bản A. B. C. D. Doanh nghiệp thị trường sản phẩm khách hàng giá phân phối xúc tiến nhu cầu mong muốn lợi ích chi phí	Câu 94: Câu hỏi trắc nghiệm marketing căn bản A. B. C. D. Doanh nghiệp thị trường sản phẩm khách hàng giá phân phối xúc tiến nhu cầu mong muốn lợi ích chi phí Câu 94: Câu hỏi trắc nghiệm marketing căn bản A. B. C. D. Doanh nghiệp thị trường sản phẩm khách hàng giá phân phối xúc tiến nhu cầu mong muốn lợi ích chi phí Câu 94: Câu hỏi trắc nghiệm marketing căn bản A. B. C. D. Doanh nghiệp thị trường sản phẩm khách hàng giá phân phối xúc tiến nhu cầu mong muốn lợi ích chi phí	Câu 95: Câu hỏi trắc nghiệm marketing căn bản A. B. C. D. Doanh nghiệp thị trường sản phẩm khách hàng giá phân phối xúc tiến nhu cầu mong muốn lợi ích chi phí Câu 95: Câu hỏi trắc nghiệm marketing căn bản A. B. C. D. Doanh nghiệp thị trường sản phẩm khách hàng giá phân phối xúc tiến nhu cầu mong muốn lợi ích chi phí Câu 95: Câu hỏi trắc nghiệm marketing căn bản A. B. C. D. Doanh nghiệp thị trường sản phẩm khách hàng giá phân phối xúc tiến nhu cầu mong muốn lợi ích chi phí	Câu 96: Câu hỏi trắc nghiệm marketing căn bản A. B. C. D. Doanh nghiệp thị trường sản phẩm khách hàng giá phân phối xúc tiến nhu cầu mong muốn lợi ích chi phí Câu 96: Câu hỏi trắc nghiệm marketing căn bản A. B. C. D. Doanh nghiệp thị trường sản phẩm khách hàng giá phân phối xúc tiến nhu cầu mong muốn lợi ích chi phí Câu 96: Câu hỏi trắc nghiệm marketing căn bản A. B. C. D. Doanh nghiệp thị trường sản phẩm khách hàng giá phân phối xúc tiến nhu cầu mong muốn lợi ích chi phí	Câu 97: Câu hỏi trắc nghiệm marketing căn bản A. B. C. D. Doanh nghiệp thị trường sản phẩm khách hàng giá phân phối xúc tiến nhu cầu mong muốn lợi ích chi phí Câu 97: Câu hỏi trắc nghiệm marketing căn bản A. B. C. D. Doanh nghiệp thị trường sản phẩm khách hàng giá phân phối xúc tiến nhu cầu mong muốn lợi ích chi phí Câu 97: Câu hỏi trắc nghiệm marketing căn bản A. B. C. D. Doanh nghiệp thị trường sản phẩm khách hàng giá phân phối xúc tiến nhu cầu mong muốn lợi ích chi phí	Câu 98: Câu hỏi trắc nghiệm marketing căn bản A. B. C. D. Doanh nghiệp thị trường sản phẩm khách hàng giá phân phối xúc tiến nhu cầu mong muốn lợi ích chi phí Câu 98: Câu hỏi trắc nghiệm marketing căn bản A. B. C. D. Doanh nghiệp thị trường sản phẩm khách hàng giá phân phối xúc tiến nhu cầu mong muốn lợi ích chi phí Câu 98: Câu hỏi trắc nghiệm marketing căn bản A. B. C. D. Doanh n	Câu 99: Câu hỏi trắc nghiệm marketing căn bản A. B. C. D. Doanh nghiệp thị trường sản phẩm khách hàng giá phân phối xúc tiến nhu cầu mong muốn lợi ích chi phí Câu 99: Câu hỏi trắc nghiệm marketing căn bản A. B. C. D. Doanh nghiệp thị trường sản phẩm khách hàng giá phân phối xúc tiến nhu cầu mong muốn lợi ích chi phí Câu 99: Câu hỏi trắc nghiệm marketing căn bản A. B. C. D. Doanh nghiệp thị trường sản phẩm khách hàng giá phân phối xúc tiến nhu cầu mong muốn lợi ích chi phí	Câu 100: Câu hỏi trắc nghiệm marketing căn bản A. B. C. D. Doanh nghiệp thị trường sản phẩm khách hàng giá phân phối xúc tiến nhu cầu mong muốn lợi ích chi phí Câu 100: Câu hỏi trắc nghiệm marketing căn bản A. B. C. D. Doanh nghiệp thị trường sản phẩm khách hàng giá phân phối xúc tiến nhu cầu mong muốn lợi ích chi phí Câu 100: Câu hỏi trắc nghiệm marketing căn bản A. B. C. D. Doanh nghiệp thị trường sản phẩm khách hàng giá phân phối xúc tiến nhu cầu mong muốn lợi ích chi phí
